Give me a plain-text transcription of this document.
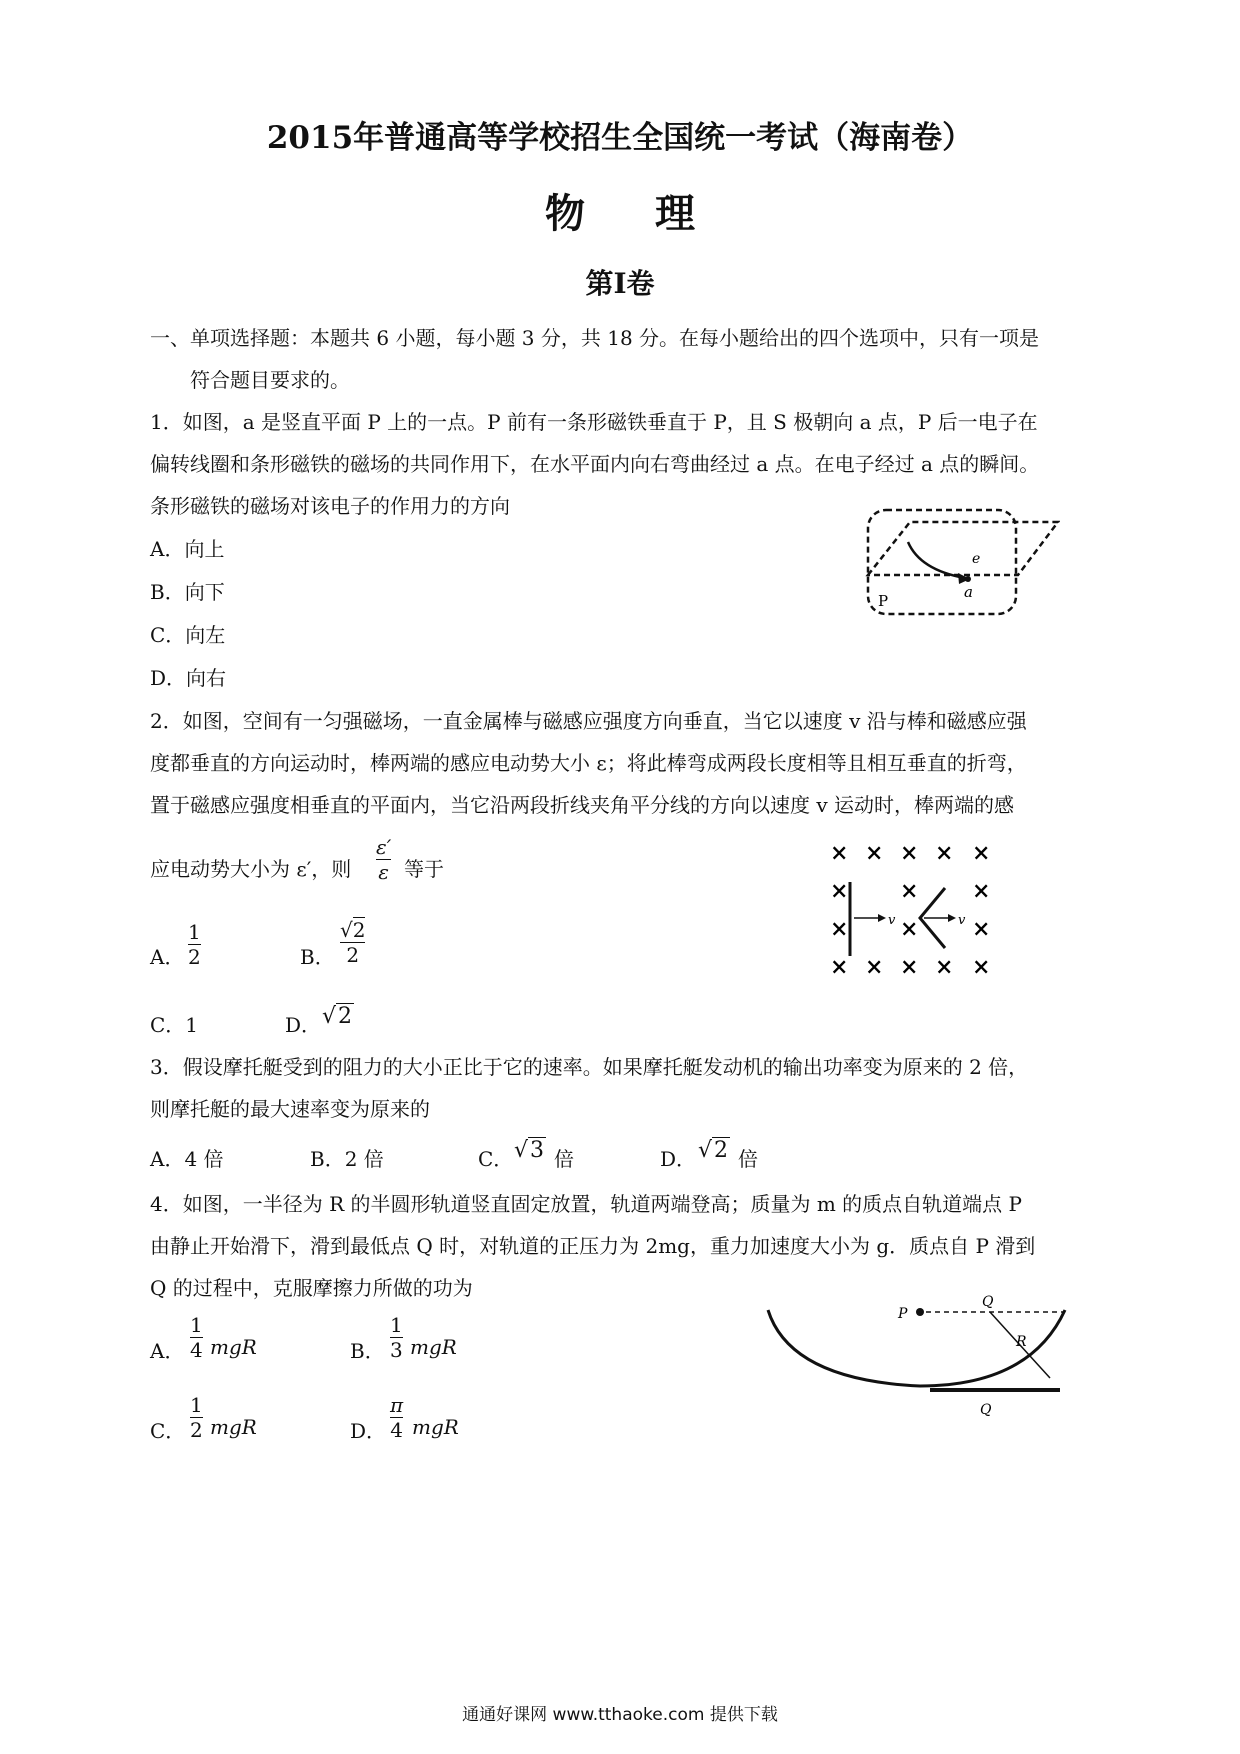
2015年普通高等学校招生全国统一考试（海南卷）
物理
第I卷

一、单项选择题：本题共 6 小题，每小题 3 分，共 18 分。在每小题给出的四个选项中，只有一项是

符合题目要求的。

1．如图，a 是竖直平面 P 上的一点。P 前有一条形磁铁垂直于 P，且 S 极朝向 a 点，P 后一电子在

偏转线圈和条形磁铁的磁场的共同作用下，在水平面内向右弯曲经过 a 点。在电子经过 a 点的瞬间。

条形磁铁的磁场对该电子的作用力的方向

A．向上

B．向下

C．向左

D．向右

a
e
P

2．如图，空间有一匀强磁场，一直金属棒与磁感应强度方向垂直，当它以速度 v 沿与棒和磁感应强

度都垂直的方向运动时，棒两端的感应电动势大小 ε；将此棒弯成两段长度相等且相互垂直的折弯，

置于磁感应强度相垂直的平面内，当它沿两段折线夹角平分线的方向以速度 v 运动时，棒两端的感

应电动势大小为 ε′，则

ε′
ε 等于

A．

1
2	B．

√2
2

C．1	D． √2
× × × × ×
× × ×
× × ×
× × × × ×
v	v

3．假设摩托艇受到的阻力的大小正比于它的速率。如果摩托艇发动机的输出功率变为原来的 2 倍，

则摩托艇的最大速率变为原来的

A．4 倍	B．2 倍	C． √3 倍	D． √2 倍

4．如图，一半径为 R 的半圆形轨道竖直固定放置，轨道两端登高；质量为 m 的质点自轨道端点 P

由静止开始滑下，滑到最低点 Q 时，对轨道的正压力为 2mg，重力加速度大小为 g．质点自 P 滑到

Q 的过程中，克服摩擦力所做的功为

A．

1
4 mgR	B．

1
3 mgR

C．

1
2 mgR	D．

π
4 mgR

P
Q
R
Q
通通好课网 www.tthaoke.com 提供下载
